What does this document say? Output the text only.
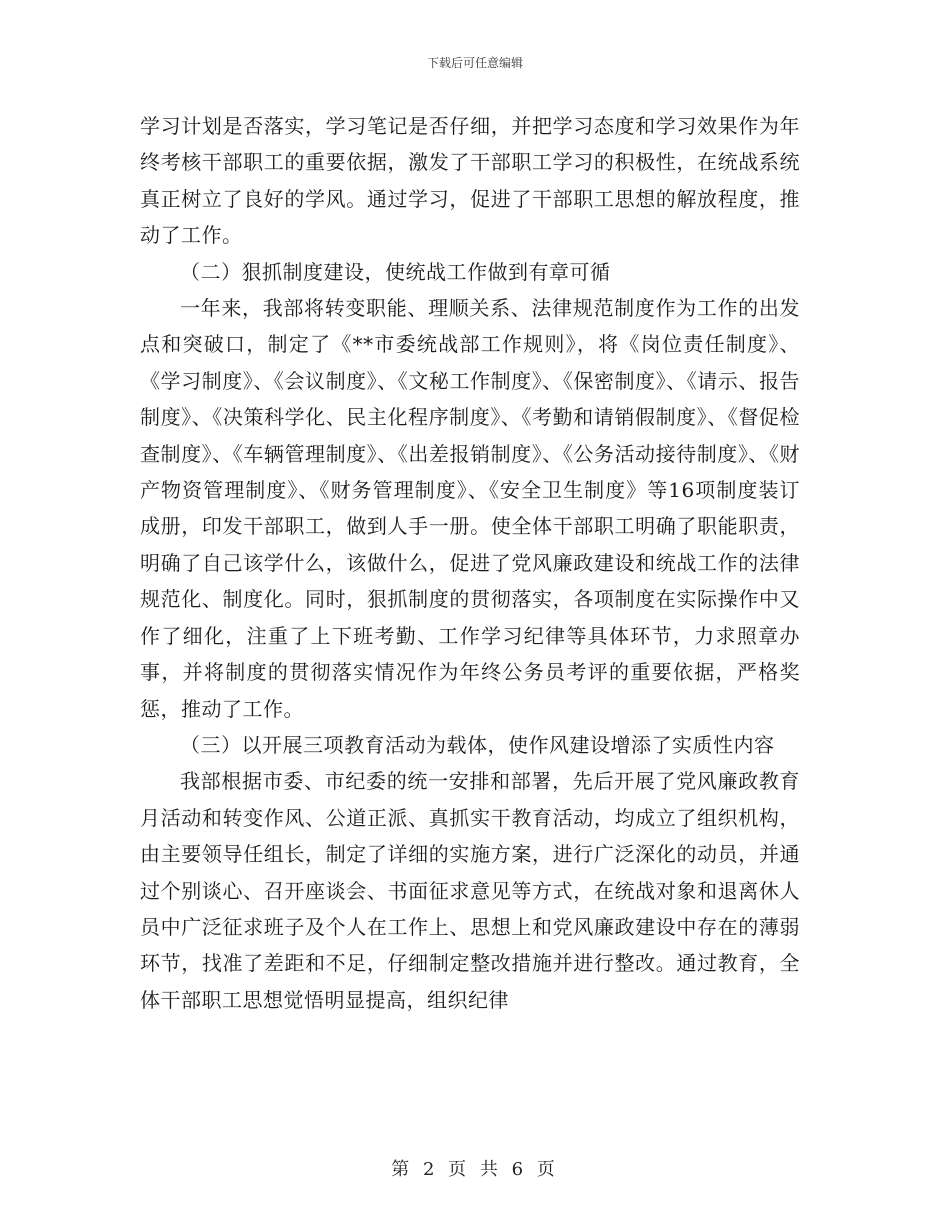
下载后可任意编辑

学习计划是否落实，学习笔记是否仔细，并把学习态度和学习效果作为年终考核干部职工的重要依据，激发了干部职工学习的积极性，在统战系统真正树立了良好的学风。通过学习，促进了干部职工思想的解放程度，推动了工作。

（二）狠抓制度建设，使统战工作做到有章可循

一年来，我部将转变职能、理顺关系、法律规范制度作为工作的出发点和突破口，制定了《**市委统战部工作规则》，将《岗位责任制度》、《学习制度》、《会议制度》、《文秘工作制度》、《保密制度》、《请示、报告制度》、《决策科学化、民主化程序制度》、《考勤和请销假制度》、《督促检查制度》、《车辆管理制度》、《出差报销制度》、《公务活动接待制度》、《财产物资管理制度》、《财务管理制度》、《安全卫生制度》等16项制度装订成册，印发干部职工，做到人手一册。使全体干部职工明确了职能职责，明确了自己该学什么，该做什么，促进了党风廉政建设和统战工作的法律规范化、制度化。同时，狠抓制度的贯彻落实，各项制度在实际操作中又作了细化，注重了上下班考勤、工作学习纪律等具体环节，力求照章办事，并将制度的贯彻落实情况作为年终公务员考评的重要依据，严格奖惩，推动了工作。

（三）以开展三项教育活动为载体，使作风建设增添了实质性内容

我部根据市委、市纪委的统一安排和部署，先后开展了党风廉政教育月活动和转变作风、公道正派、真抓实干教育活动，均成立了组织机构，由主要领导任组长，制定了详细的实施方案，进行广泛深化的动员，并通过个别谈心、召开座谈会、书面征求意见等方式，在统战对象和退离休人员中广泛征求班子及个人在工作上、思想上和党风廉政建设中存在的薄弱环节，找准了差距和不足，仔细制定整改措施并进行整改。通过教育，全体干部职工思想觉悟明显提高，组织纪律

第 2 页 共 6 页
